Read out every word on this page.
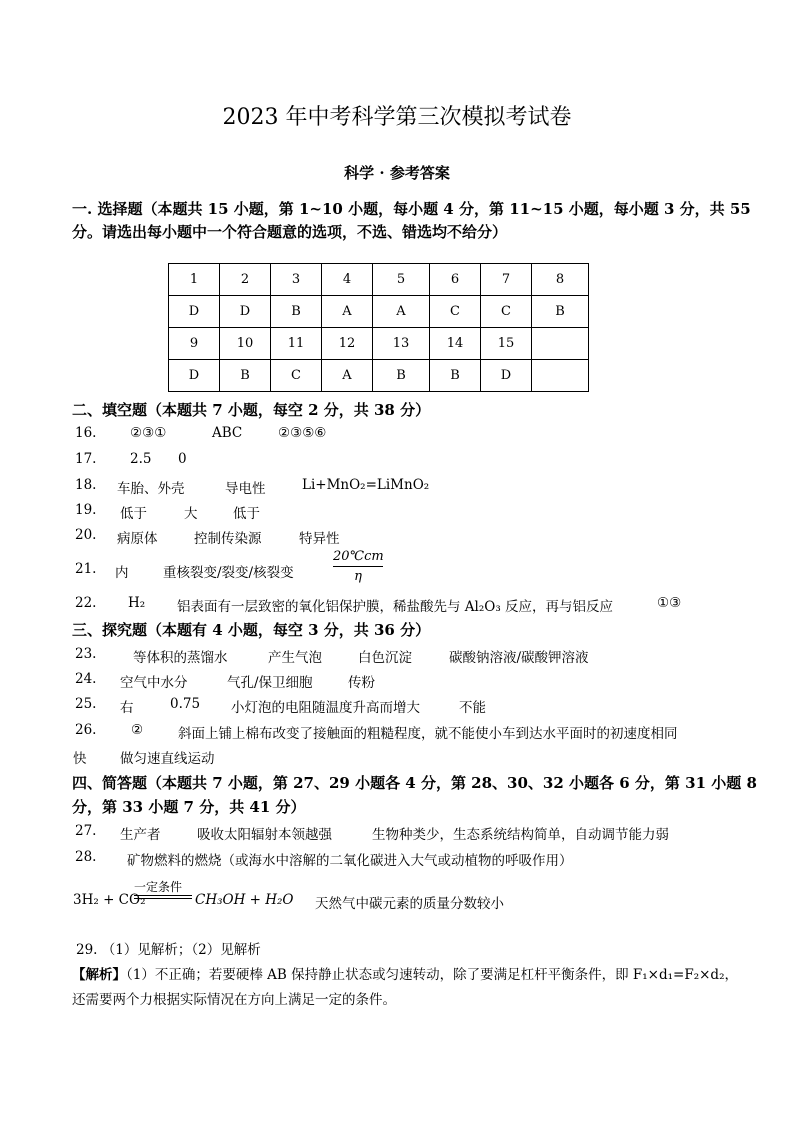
2023 年中考科学第三次模拟考试卷
科学 · 参考答案
一. 选择题（本题共 15 小题，第 1~10 小题，每小题 4 分，第 11~15 小题，每小题 3 分，共 55
分。请选出每小题中一个符合题意的选项，不选、错选均不给分）
1	2	3	4	5	6	7	8
D	D	B	A	A	C	C	B
9	10	11	12	13	14	15	
D	B	C	A	B	B	D	
二、填空题（本题共 7 小题，每空 2 分，共 38 分）
16.	②③①	ABC	②③⑤⑥
17.	2.5 0
18.	车胎、外壳	导电性	Li+MnO₂=LiMnO₂
19.	低于	大	低于
20.	病原体	控制传染源	特异性
21.	内	重核裂变/裂变/核裂变
20℃cm
η
22.	H₂ 铝表面有一层致密的氧化铝保护膜，稀盐酸先与 Al₂O₃ 反应，再与铝反应	①③
三、探究题（本题有 4 小题，每空 3 分，共 36 分）
23.	等体积的蒸馏水	产生气泡	白色沉淀	碳酸钠溶液/碳酸钾溶液
24.	空气中水分	气孔/保卫细胞	传粉
25.	右	0.75 小灯泡的电阻随温度升高而增大	不能
26.	②	斜面上铺上棉布改变了接触面的粗糙程度，就不能使小车到达水平面时的初速度相同
快 做匀速直线运动
四、简答题（本题共 7 小题，第 27、29 小题各 4 分，第 28、30、32 小题各 6 分，第 31 小题 8
分，第 33 小题 7 分，共 41 分）
27.	生产者	吸收太阳辐射本领越强	生物种类少，生态系统结构简单，自动调节能力弱
28.	矿物燃料的燃烧（或海水中溶解的二氧化碳进入大气或动植物的呼吸作用）
3H₂ + CO₂
一定条件
CH₃OH + H₂O 天然气中碳元素的质量分数较小
29. （1）见解析；（2）见解析
【解析】（1）不正确；若要硬棒 AB 保持静止状态或匀速转动，除了要满足杠杆平衡条件，即 F₁×d₁=F₂×d₂，
还需要两个力根据实际情况在方向上满足一定的条件。
